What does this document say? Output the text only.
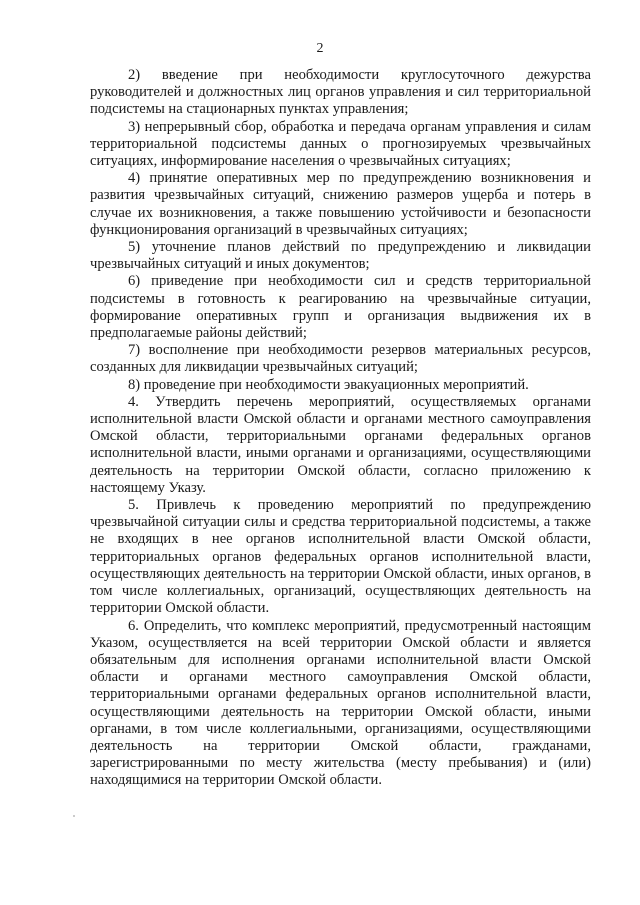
2

2) введение при необходимости круглосуточного дежурства руководителей и должностных лиц органов управления и сил территориальной подсистемы на стационарных пунктах управления;

3) непрерывный сбор, обработка и передача органам управления и силам территориальной подсистемы данных о прогнозируемых чрезвычайных ситуациях, информирование населения о чрезвычайных ситуациях;

4) принятие оперативных мер по предупреждению возникновения и развития чрезвычайных ситуаций, снижению размеров ущерба и потерь в случае их возникновения, а также повышению устойчивости и безопасности функционирования организаций в чрезвычайных ситуациях;

5) уточнение планов действий по предупреждению и ликвидации чрезвычайных ситуаций и иных документов;

6) приведение при необходимости сил и средств территориальной подсистемы в готовность к реагированию на чрезвычайные ситуации, формирование оперативных групп и организация выдвижения их в предполагаемые районы действий;

7) восполнение при необходимости резервов материальных ресурсов, созданных для ликвидации чрезвычайных ситуаций;

8) проведение при необходимости эвакуационных мероприятий.

4. Утвердить перечень мероприятий, осуществляемых органами исполнительной власти Омской области и органами местного самоуправления Омской области, территориальными органами федеральных органов исполнительной власти, иными органами и организациями, осуществляющими деятельность на территории Омской области, согласно приложению к настоящему Указу.

5. Привлечь к проведению мероприятий по предупреждению чрезвычайной ситуации силы и средства территориальной подсистемы, а также не входящих в нее органов исполнительной власти Омской области, территориальных органов федеральных органов исполнительной власти, осуществляющих деятельность на территории Омской области, иных органов, в том числе коллегиальных, организаций, осуществляющих деятельность на территории Омской области.

6. Определить, что комплекс мероприятий, предусмотренный настоящим Указом, осуществляется на всей территории Омской области и является обязательным для исполнения органами исполнительной власти Омской области и органами местного самоуправления Омской области, территориальными органами федеральных органов исполнительной власти, осуществляющими деятельность на территории Омской области, иными органами, в том числе коллегиальными, организациями, осуществляющими деятельность на территории Омской области, гражданами, зарегистрированными по месту жительства (месту пребывания) и (или) находящимися на территории Омской области.
